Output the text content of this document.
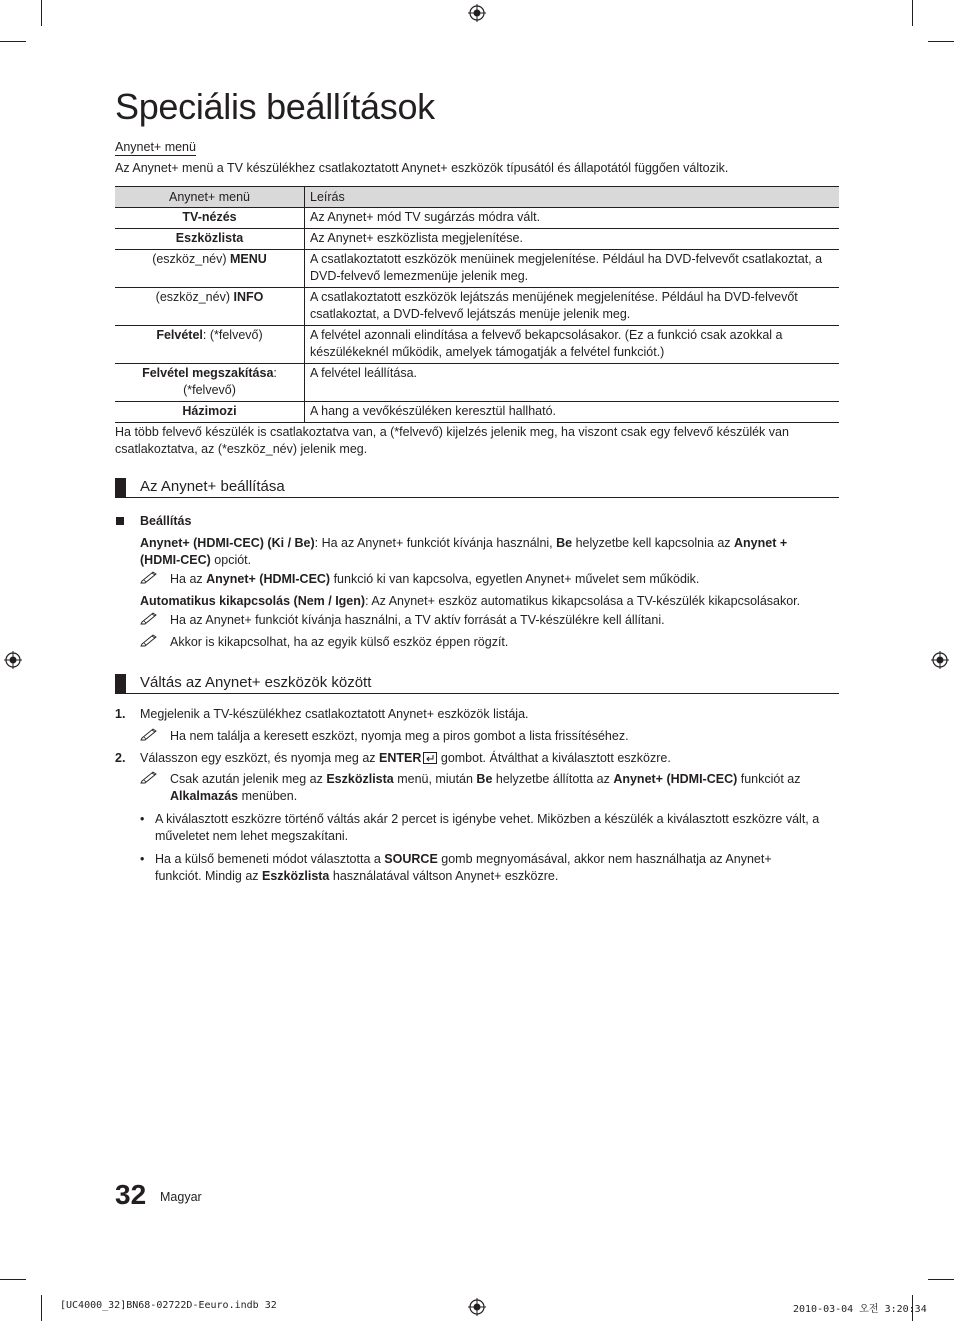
Speciális beállítások
Anynet+ menü
Az Anynet+ menü a TV készülékhez csatlakoztatott Anynet+ eszközök típusától és állapotától függően változik.
Anynet+ menü	Leírás
TV-nézés	Az Anynet+ mód TV sugárzás módra vált.
Eszközlista	Az Anynet+ eszközlista megjelenítése.
(eszköz_név) MENU	A csatlakoztatott eszközök menüinek megjelenítése. Például ha DVD-felvevőt csatlakoztat, a DVD-felvevő lemezmenüje jelenik meg.
(eszköz_név) INFO	A csatlakoztatott eszközök lejátszás menüjének megjelenítése. Például ha DVD-felvevőt csatlakoztat, a DVD-felvevő lejátszás menüje jelenik meg.
Felvétel: (*felvevő)	A felvétel azonnali elindítása a felvevő bekapcsolásakor. (Ez a funkció csak azokkal a készülékeknél működik, amelyek támogatják a felvétel funkciót.)
Felvétel megszakítása: (*felvevő)	A felvétel leállítása.
Házimozi	A hang a vevőkészüléken keresztül hallható.
Ha több felvevő készülék is csatlakoztatva van, a (*felvevő) kijelzés jelenik meg, ha viszont csak egy felvevő készülék van csatlakoztatva, az (*eszköz_név) jelenik meg.
Az Anynet+ beállítása
Beállítás
Anynet+ (HDMI-CEC) (Ki / Be): Ha az Anynet+ funkciót kívánja használni, Be helyzetbe kell kapcsolnia az Anynet + (HDMI-CEC) opciót.
Ha az Anynet+ (HDMI-CEC) funkció ki van kapcsolva, egyetlen Anynet+ művelet sem működik.
Automatikus kikapcsolás (Nem / Igen): Az Anynet+ eszköz automatikus kikapcsolása a TV-készülék kikapcsolásakor.
Ha az Anynet+ funkciót kívánja használni, a TV aktív forrását a TV-készülékre kell állítani.
Akkor is kikapcsolhat, ha az egyik külső eszköz éppen rögzít.
Váltás az Anynet+ eszközök között
1. Megjelenik a TV-készülékhez csatlakoztatott Anynet+ eszközök listája.
Ha nem találja a keresett eszközt, nyomja meg a piros gombot a lista frissítéséhez.
2. Válasszon egy eszközt, és nyomja meg az ENTER gombot. Átválthat a kiválasztott eszközre.
Csak azután jelenik meg az Eszközlista menü, miután Be helyzetbe állította az Anynet+ (HDMI-CEC) funkciót az Alkalmazás menüben.
• A kiválasztott eszközre történő váltás akár 2 percet is igénybe vehet. Miközben a készülék a kiválasztott eszközre vált, a műveletet nem lehet megszakítani.
• Ha a külső bemeneti módot választotta a SOURCE gomb megnyomásával, akkor nem használhatja az Anynet+ funkciót. Mindig az Eszközlista használatával váltson Anynet+ eszközre.
32 Magyar
[UC4000_32]BN68-02722D-Eeuro.indb 32	2010-03-04 오전 3:20:34
